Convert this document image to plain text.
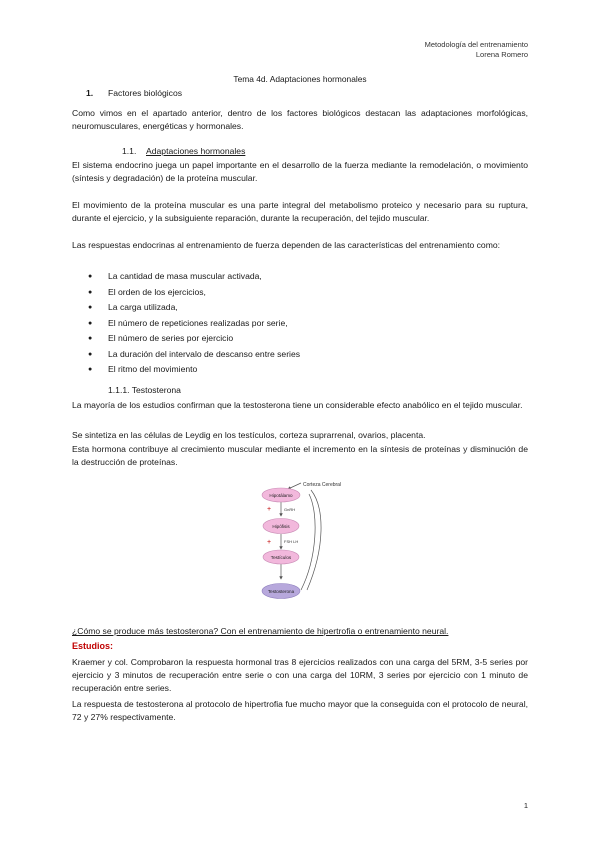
Metodología del entrenamiento
Lorena Romero
Tema 4d. Adaptaciones hormonales
1. Factores biológicos
Como vimos en el apartado anterior, dentro de los factores biológicos destacan las adaptaciones morfológicas, neuromusculares, energéticas y hormonales.
1.1. Adaptaciones hormonales
El sistema endocrino juega un papel importante en el desarrollo de la fuerza mediante la remodelación, o movimiento (síntesis y degradación) de la proteína muscular.
El movimiento de la proteína muscular es una parte integral del metabolismo proteico y necesario para su ruptura, durante el ejercicio, y la subsiguiente reparación, durante la recuperación, del tejido muscular.
Las respuestas endocrinas al entrenamiento de fuerza dependen de las características del entrenamiento como:
● La cantidad de masa muscular activada,
● El orden de los ejercicios,
● La carga utilizada,
● El número de repeticiones realizadas por serie,
● El número de series por ejercicio
● La duración del intervalo de descanso entre series
● El ritmo del movimiento
1.1.1. Testosterona
La mayoría de los estudios confirman que la testosterona tiene un considerable efecto anabólico en el tejido muscular.
Se sintetiza en las células de Leydig en los testículos, corteza suprarrenal, ovarios, placenta.
Esta hormona contribuye al crecimiento muscular mediante el incremento en la síntesis de proteínas y disminución de la destrucción de proteínas.
Corteza Cerebral
GnRH
FSH LH
+
+
Hipotálamo
Hipófisis
Testículos
Testosterona
¿Cómo se produce más testosterona? Con el entrenamiento de hipertrofia o entrenamiento neural.
Estudios:
Kraemer y col. Comprobaron la respuesta hormonal tras 8 ejercicios realizados con una carga del 5RM, 3-5 series por ejercicio y 3 minutos de recuperación entre serie o con una carga del 10RM, 3 series por ejercicio con 1 minuto de recuperación entre series.
La respuesta de testosterona al protocolo de hipertrofia fue mucho mayor que la conseguida con el protocolo de neural, 72 y 27% respectivamente.
1
